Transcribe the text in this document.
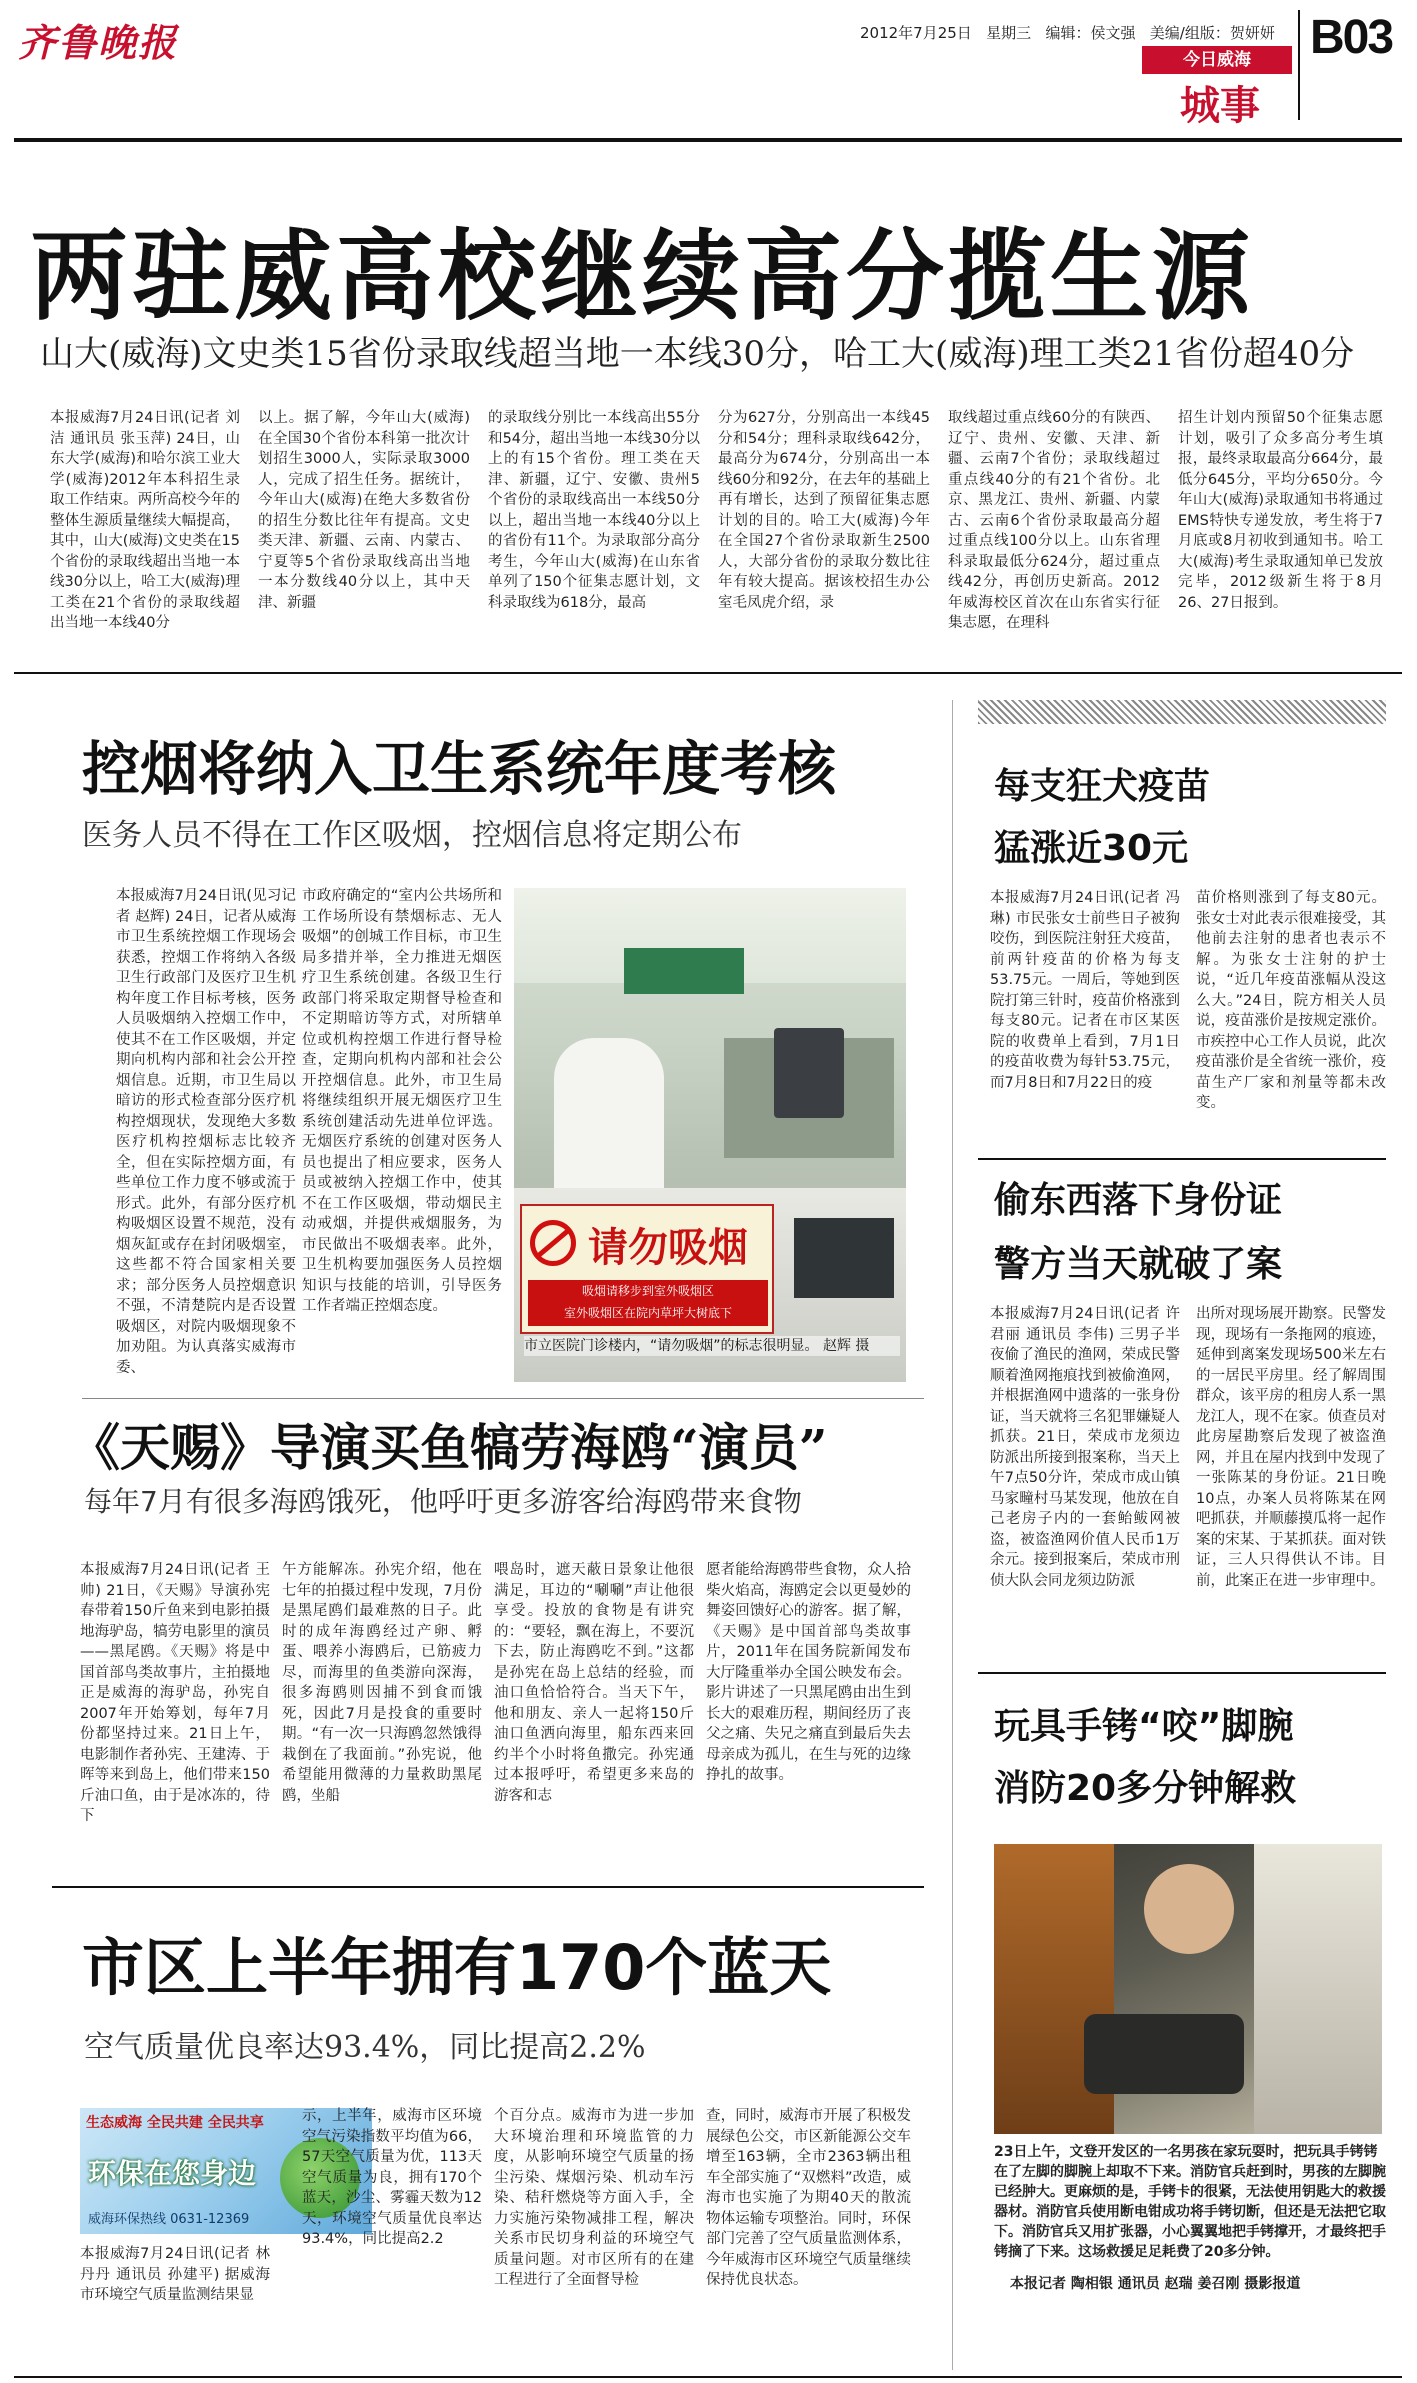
齐鲁晚报	2012年7月25日 星期三 编辑：侯文强 美编/组版：贺妍妍
今日威海
城事
B03
两驻威高校继续高分揽生源
山大(威海)文史类15省份录取线超当地一本线30分，哈工大(威海)理工类21省份超40分
本报威海7月24日讯(记者 刘洁 通讯员 张玉萍) 24日，山东大学(威海)和哈尔滨工业大学(威海)2012年本科招生录取工作结束。两所高校今年的整体生源质量继续大幅提高，其中，山大(威海)文史类在15个省份的录取线超出当地一本线30分以上，哈工大(威海)理工类在21个省份的录取线超出当地一本线40分
以上。据了解，今年山大(威海)在全国30个省份本科第一批次计划招生3000人，实际录取3000人，完成了招生任务。据统计，今年山大(威海)在绝大多数省份的招生分数比往年有提高。文史类天津、新疆、云南、内蒙古、宁夏等5个省份录取线高出当地一本分数线40分以上，其中天津、新疆
的录取线分别比一本线高出55分和54分，超出当地一本线30分以上的有15个省份。理工类在天津、新疆，辽宁、安徽、贵州5个省份的录取线高出一本线50分以上，超出当地一本线40分以上的省份有11个。为录取部分高分考生，今年山大(威海)在山东省单列了150个征集志愿计划，文科录取线为618分，最高
分为627分，分别高出一本线45分和54分；理科录取线642分，最高分为674分，分别高出一本线60分和92分，在去年的基础上再有增长，达到了预留征集志愿计划的目的。哈工大(威海)今年在全国27个省份录取新生2500人，大部分省份的录取分数比往年有较大提高。据该校招生办公室毛凤虎介绍，录
取线超过重点线60分的有陕西、辽宁、贵州、安徽、天津、新疆、云南7个省份；录取线超过重点线40分的有21个省份。北京、黑龙江、贵州、新疆、内蒙古、云南6个省份录取最高分超过重点线100分以上。山东省理科录取最低分624分，超过重点线42分，再创历史新高。2012年威海校区首次在山东省实行征集志愿，在理科
招生计划内预留50个征集志愿计划，吸引了众多高分考生填报，最终录取最高分664分，最低分645分，平均分650分。今年山大(威海)录取通知书将通过EMS特快专递发放，考生将于7月底或8月初收到通知书。哈工大(威海)考生录取通知单已发放完毕，2012级新生将于8月26、27日报到。
控烟将纳入卫生系统年度考核
医务人员不得在工作区吸烟，控烟信息将定期公布
本报威海7月24日讯(见习记者 赵辉) 24日，记者从威海市卫生系统控烟工作现场会获悉，控烟工作将纳入各级卫生行政部门及医疗卫生机构年度工作目标考核，医务人员吸烟纳入控烟工作中，使其不在工作区吸烟，并定期向机构内部和社会公开控烟信息。近期，市卫生局以暗访的形式检查部分医疗机构控烟现状，发现绝大多数医疗机构控烟标志比较齐全，但在实际控烟方面，有些单位工作力度不够或流于形式。此外，有部分医疗机构吸烟区设置不规范，没有烟灰缸或存在封闭吸烟室，这些都不符合国家相关要求；部分医务人员控烟意识不强，不清楚院内是否设置吸烟区，对院内吸烟现象不加劝阻。为认真落实威海市委、
市政府确定的“室内公共场所和工作场所设有禁烟标志、无人吸烟”的创城工作目标，市卫生局多措并举，全力推进无烟医疗卫生系统创建。各级卫生行政部门将采取定期督导检查和不定期暗访等方式，对所辖单位或机构控烟工作进行督导检查，定期向机构内部和社会公开控烟信息。此外，市卫生局将继续组织开展无烟医疗卫生系统创建活动先进单位评选。无烟医疗系统的创建对医务人员也提出了相应要求，医务人员或被纳入控烟工作中，使其不在工作区吸烟，带动烟民主动戒烟，并提供戒烟服务，为市民做出不吸烟表率。此外，卫生机构要加强医务人员控烟知识与技能的培训，引导医务工作者端正控烟态度。
请勿吸烟
吸烟请移步到室外吸烟区
室外吸烟区在院内草坪大树底下
市立医院门诊楼内，“请勿吸烟”的标志很明显。 赵辉 摄
《天赐》导演买鱼犒劳海鸥“演员”
每年7月有很多海鸥饿死，他呼吁更多游客给海鸥带来食物
本报威海7月24日讯(记者 王帅) 21日，《天赐》导演孙宪春带着150斤鱼来到电影拍摄地海驴岛，犒劳电影里的演员——黑尾鸥。《天赐》将是中国首部鸟类故事片，主拍摄地正是威海的海驴岛，孙宪自2007年开始筹划，每年7月份都坚持过来。21日上午，电影制作者孙宪、王建涛、于晖等来到岛上，他们带来150斤油口鱼，由于是冰冻的，待下
午方能解冻。孙宪介绍，他在七年的拍摄过程中发现，7月份是黑尾鸥们最难熬的日子。此时的成年海鸥经过产卵、孵蛋、喂养小海鸥后，已筋疲力尽，而海里的鱼类游向深海，很多海鸥则因捕不到食而饿死，因此7月是投食的重要时期。“有一次一只海鸥忽然饿得栽倒在了我面前。”孙宪说，他希望能用微薄的力量救助黑尾鸥，坐船
喂岛时，遮天蔽日景象让他很满足，耳边的“唰唰”声让他很享受。投放的食物是有讲究的：“要轻，飘在海上，不要沉下去，防止海鸥吃不到。”这都是孙宪在岛上总结的经验，而油口鱼恰恰符合。当天下午，他和朋友、亲人一起将150斤油口鱼洒向海里，船东西来回约半个小时将鱼撒完。孙宪通过本报呼吁，希望更多来岛的游客和志
愿者能给海鸥带些食物，众人拾柴火焰高，海鸥定会以更曼妙的舞姿回馈好心的游客。据了解，《天赐》是中国首部鸟类故事片，2011年在国务院新闻发布大厅隆重举办全国公映发布会。影片讲述了一只黑尾鸥由出生到长大的艰难历程，期间经历了丧父之痛、失兄之痛直到最后失去母亲成为孤儿，在生与死的边缘挣扎的故事。
市区上半年拥有170个蓝天
空气质量优良率达93.4%，同比提高2.2%
生态威海 全民共建 全民共享
环保在您身边
威海环保热线 0631-12369
本报威海7月24日讯(记者 林丹丹 通讯员 孙建平) 据威海市环境空气质量监测结果显
示，上半年，威海市区环境空气污染指数平均值为66，57天空气质量为优，113天空气质量为良，拥有170个蓝天，沙尘、雾霾天数为12天，环境空气质量优良率达93.4%，同比提高2.2
个百分点。威海市为进一步加大环境治理和环境监管的力度，从影响环境空气质量的扬尘污染、煤烟污染、机动车污染、秸秆燃烧等方面入手，全力实施污染物减排工程，解决关系市民切身利益的环境空气质量问题。对市区所有的在建工程进行了全面督导检
查，同时，威海市开展了积极发展绿色公交，市区新能源公交车增至163辆，全市2363辆出租车全部实施了“双燃料”改造，威海市也实施了为期40天的散流物体运输专项整治。同时，环保部门完善了空气质量监测体系，今年威海市区环境空气质量继续保持优良状态。
每支狂犬疫苗
猛涨近30元
本报威海7月24日讯(记者 冯琳) 市民张女士前些日子被狗咬伤，到医院注射狂犬疫苗，前两针疫苗的价格为每支53.75元。一周后，等她到医院打第三针时，疫苗价格涨到每支80元。记者在市区某医院的收费单上看到，7月1日的疫苗收费为每针53.75元，而7月8日和7月22日的疫
苗价格则涨到了每支80元。张女士对此表示很难接受，其他前去注射的患者也表示不解。为张女士注射的护士说，“近几年疫苗涨幅从没这么大。”24日，院方相关人员说，疫苗涨价是按规定涨价。市疾控中心工作人员说，此次疫苗涨价是全省统一涨价，疫苗生产厂家和剂量等都未改变。
偷东西落下身份证
警方当天就破了案
本报威海7月24日讯(记者 许君丽 通讯员 李伟) 三男子半夜偷了渔民的渔网，荣成民警顺着渔网拖痕找到被偷渔网，并根据渔网中遗落的一张身份证，当天就将三名犯罪嫌疑人抓获。21日，荣成市龙须边防派出所接到报案称，当天上午7点50分许，荣成市成山镇马家疃村马某发现，他放在自己老房子内的一套鲐鲅网被盗，被盗渔网价值人民币1万余元。接到报案后，荣成市刑侦大队会同龙须边防派
出所对现场展开勘察。民警发现，现场有一条拖网的痕迹，延伸到离案发现场500米左右的一居民平房里。经了解周围群众，该平房的租房人系一黑龙江人，现不在家。侦查员对此房屋勘察后发现了被盗渔网，并且在屋内找到中发现了一张陈某的身份证。21日晚10点，办案人员将陈某在网吧抓获，并顺藤摸瓜将一起作案的宋某、于某抓获。面对铁证，三人只得供认不讳。目前，此案正在进一步审理中。
玩具手铐“咬”脚腕
消防20多分钟解救
23日上午，文登开发区的一名男孩在家玩耍时，把玩具手铐铐在了左脚的脚腕上却取不下来。消防官兵赶到时，男孩的左脚腕已经肿大。更麻烦的是，手铐卡的很紧，无法使用钥匙大的救援器材。消防官兵使用断电钳成功将手铐切断，但还是无法把它取下。消防官兵又用扩张器，小心翼翼地把手铐撑开，才最终把手铐摘了下来。这场救援足足耗费了20多分钟。
本报记者 陶相银 通讯员 赵瑞 姜召刚 摄影报道
